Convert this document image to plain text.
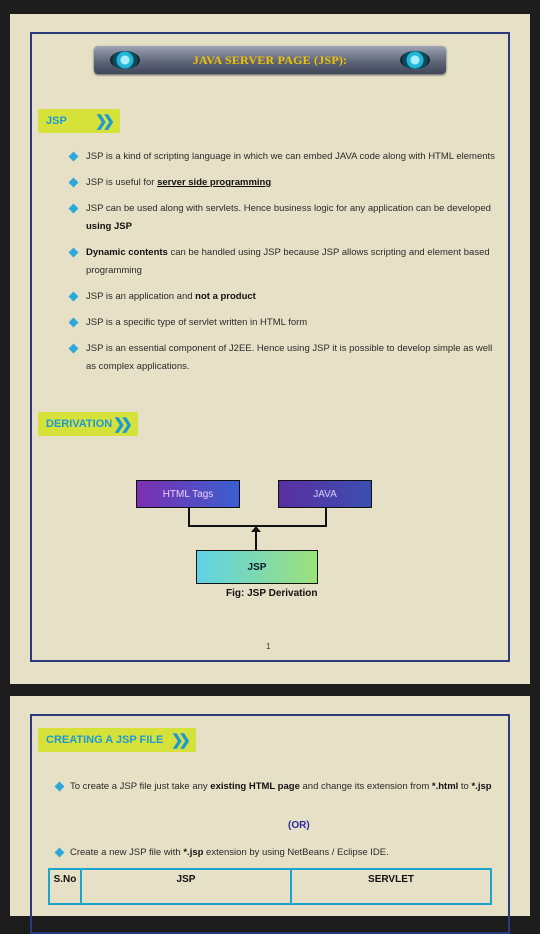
JAVA SERVER PAGE (JSP):
JSP ❯❯
JSP is a kind of scripting language in which we can embed JAVA code along with HTML elements
JSP is useful for server side programming
JSP can be used along with servlets. Hence business logic for any application can be developed using JSP
Dynamic contents can be handled using JSP because JSP allows scripting and element based programming
JSP is an application and not a product
JSP is a specific type of servlet written in HTML form
JSP is an essential component of J2EE. Hence using JSP it is possible to develop simple as well as complex applications.
DERIVATION ❯❯
HTML Tags	JAVA
JSP
Fig: JSP Derivation
1
CREATING A JSP FILE ❯❯
To create a JSP file just take any existing HTML page and change its extension from *.html to *.jsp
(OR)
Create a new JSP file with *.jsp extension by using NetBeans / Eclipse IDE.
S.No	JSP	SERVLET
